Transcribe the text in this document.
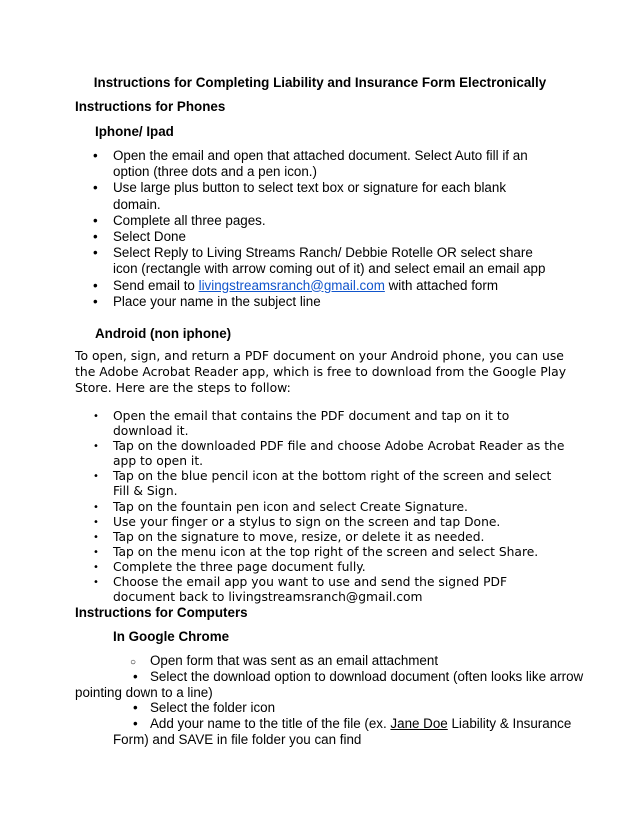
Instructions for Completing Liability and Insurance Form Electronically
Instructions for Phones
Iphone/ Ipad
• Open the email and open that attached document. Select Auto fill if an option (three dots and a pen icon.)
• Use large plus button to select text box or signature for each blank domain.
• Complete all three pages.
• Select Done
• Select Reply to Living Streams Ranch/ Debbie Rotelle OR select share icon (rectangle with arrow coming out of it) and select email an email app
• Send email to livingstreamsranch@gmail.com with attached form
• Place your name in the subject line
Android (non iphone)
To open, sign, and return a PDF document on your Android phone, you can use the Adobe Acrobat Reader app, which is free to download from the Google Play Store. Here are the steps to follow:
• Open the email that contains the PDF document and tap on it to download it.
• Tap on the downloaded PDF file and choose Adobe Acrobat Reader as the app to open it.
• Tap on the blue pencil icon at the bottom right of the screen and select Fill & Sign.
• Tap on the fountain pen icon and select Create Signature.
• Use your finger or a stylus to sign on the screen and tap Done.
• Tap on the signature to move, resize, or delete it as needed.
• Tap on the menu icon at the top right of the screen and select Share.
• Complete the three page document fully.
• Choose the email app you want to use and send the signed PDF document back to livingstreamsranch@gmail.com
Instructions for Computers
In Google Chrome
○ Open form that was sent as an email attachment
• Select the download option to download document (often looks like arrow
pointing down to a line)
• Select the folder icon
• Add your name to the title of the file (ex. Jane Doe Liability & Insurance
Form) and SAVE in file folder you can find
